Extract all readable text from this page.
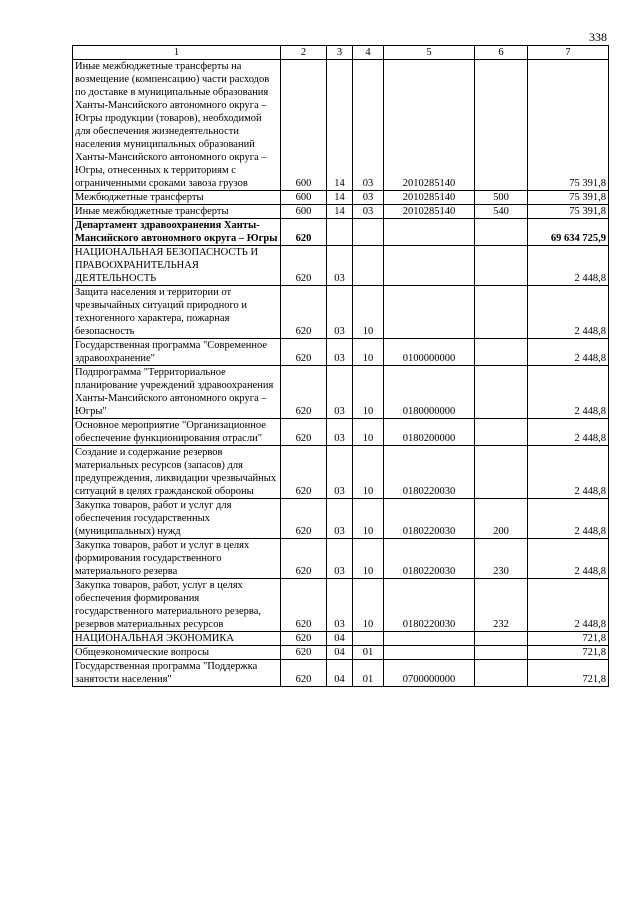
338
1	2	3	4	5	6	7
Иные межбюджетные трансферты на возмещение (компенсацию) части расходов по доставке в муниципальные образования Ханты-Мансийского автономного округа – Югры продукции (товаров), необходимой для обеспечения жизнедеятельности населения муниципальных образований Ханты-Мансийского автономного округа – Югры, отнесенных к территориям с ограниченными сроками завоза грузов	600	14	03	2010285140		75 391,8
Межбюджетные трансферты	600	14	03	2010285140	500	75 391,8
Иные межбюджетные трансферты	600	14	03	2010285140	540	75 391,8
Департамент здравоохранения Ханты-Мансийского автономного округа – Югры	620					69 634 725,9
НАЦИОНАЛЬНАЯ БЕЗОПАСНОСТЬ И ПРАВООХРАНИТЕЛЬНАЯ ДЕЯТЕЛЬНОСТЬ	620	03				2 448,8
Защита населения и территории от чрезвычайных ситуаций природного и техногенного характера, пожарная безопасность	620	03	10			2 448,8
Государственная программа "Современное здравоохранение"	620	03	10	0100000000		2 448,8
Подпрограмма "Территориальное планирование учреждений здравоохранения Ханты-Мансийского автономного округа – Югры"	620	03	10	0180000000		2 448,8
Основное мероприятие "Организационное обеспечение функционирования отрасли"	620	03	10	0180200000		2 448,8
Создание и содержание резервов материальных ресурсов (запасов) для предупреждения, ликвидации чрезвычайных ситуаций в целях гражданской обороны	620	03	10	0180220030		2 448,8
Закупка товаров, работ и услуг для обеспечения государственных (муниципальных) нужд	620	03	10	0180220030	200	2 448,8
Закупка товаров, работ и услуг в целях формирования государственного материального резерва	620	03	10	0180220030	230	2 448,8
Закупка товаров, работ, услуг в целях обеспечения формирования государственного материального резерва, резервов материальных ресурсов	620	03	10	0180220030	232	2 448,8
НАЦИОНАЛЬНАЯ ЭКОНОМИКА	620	04				721,8
Общеэкономические вопросы	620	04	01			721,8
Государственная программа "Поддержка занятости населения"	620	04	01	0700000000		721,8
